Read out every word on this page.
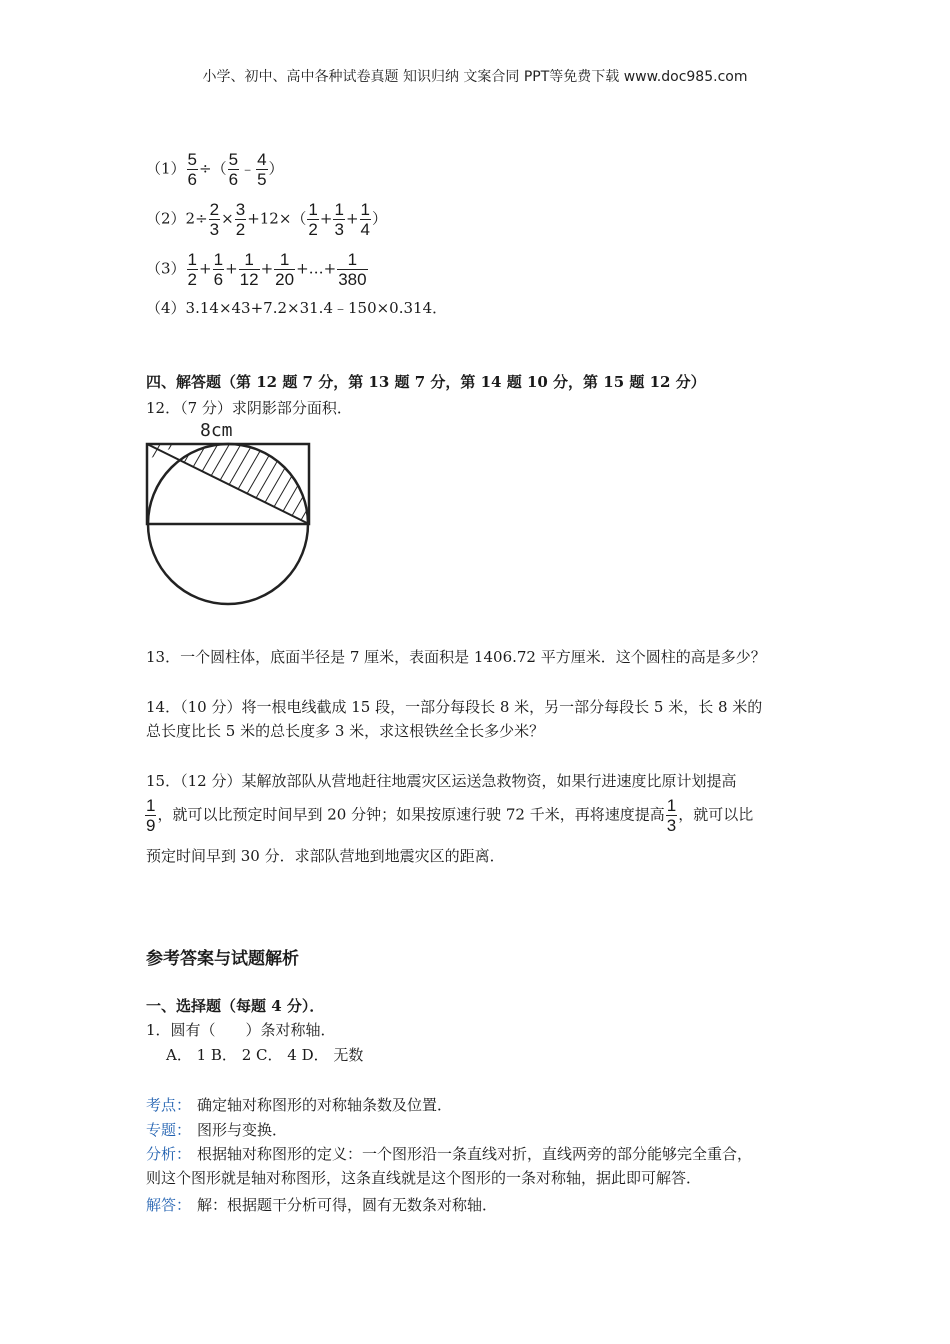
小学、初中、高中各种试卷真题 知识归纳 文案合同 PPT等免费下载 www.doc985.com
$(1) \frac{5}{6}$ ÷（ $\frac{5}{6}$ ﹣ $\frac{4}{5}$ ）
$(2)2\div \frac{2}{3} \times \frac{3}{2} +12\times( \frac{1}{2} + \frac{1}{3} + \frac{1}{4}$ ）
$(3) \frac{1}{2} + \frac{1}{6} + \frac{1}{12} + \frac{1}{20}$ +…+ $\frac{1}{380}$
（4）3.14×43+7.2×31.4﹣150×0.314．
四、解答题（第 12 题 7 分，第 13 题 7 分，第 14 题 10 分，第 15 题 12 分）
12．（7 分）求阴影部分面积．
8cm
13．一个圆柱体，底面半径是 7 厘米，表面积是 1406.72 平方厘米．这个圆柱的高是多少？
14．（10 分）将一根电线截成 15 段，一部分每段长 8 米，另一部分每段长 5 米，长 8 米的
总长度比长 5 米的总长度多 3 米，求这根铁丝全长多少米？
15．（12 分）某解放部队从营地赶往地震灾区运送急救物资，如果行进速度比原计划提高
$\frac{1}{9}$ ，就可以比预定时间早到 20 分钟；如果按原速行驶 72 千米，再将速度提高 $\frac{1}{3}$ ，就可以比
预定时间早到 30 分．求部队营地到地震灾区的距离．
参考答案与试题解析
一、选择题（每题 4 分）．
1．圆有（　　）条对称轴．
A． 1 B． 2 C． 4 D． 无数
考点： 确定轴对称图形的对称轴条数及位置．
专题： 图形与变换．
分析： 根据轴对称图形的定义：一个图形沿一条直线对折，直线两旁的部分能够完全重合，
则这个图形就是轴对称图形，这条直线就是这个图形的一条对称轴，据此即可解答．
解答： 解：根据题干分析可得，圆有无数条对称轴．
